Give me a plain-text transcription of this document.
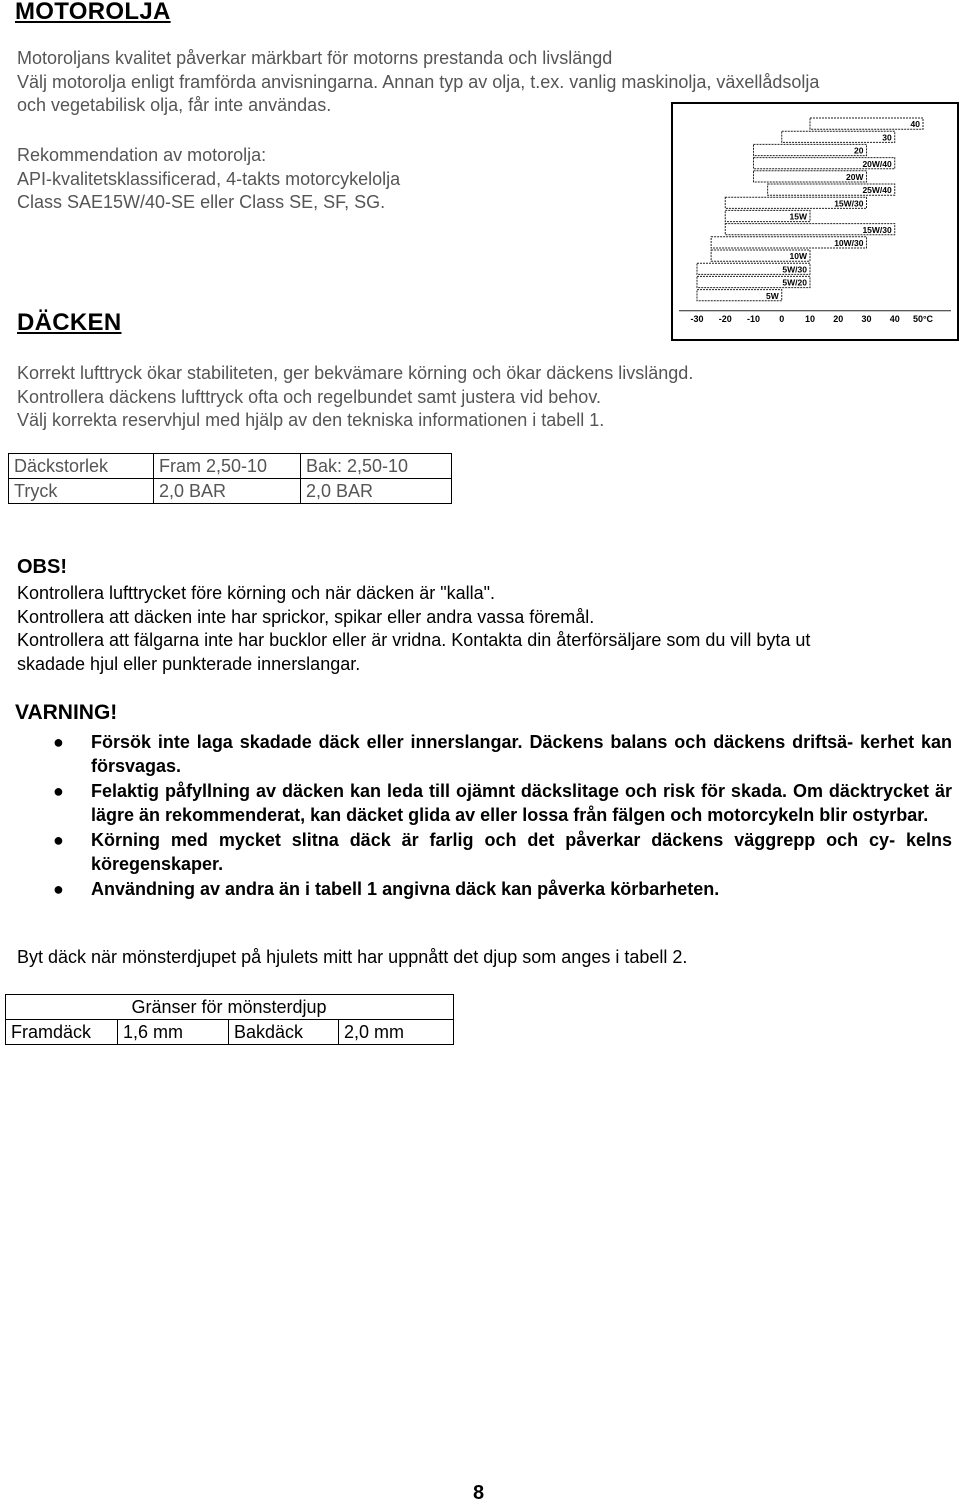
MOTOROLJA
Motoroljans kvalitet påverkar märkbart för motorns prestanda och livslängd
Välj motorolja enligt framförda anvisningarna. Annan typ av olja, t.ex. vanlig maskinolja, växellådsolja
och vegetabilisk olja, får inte användas.
Rekommendation av motorolja:
API-kvalitetsklassificerad, 4-takts motorcykelolja
Class SAE15W/40-SE eller Class SE, SF, SG.
40
30
20
20W/40
20W
25W/40
15W/30
15W
15W/30
10W/30
10W
5W/30
5W/20
5W
-30 -20 -10 0 10 20 30 40 50°C
DÄCKEN
Korrekt lufttryck ökar stabiliteten, ger bekvämare körning och ökar däckens livslängd.
Kontrollera däckens lufttryck ofta och regelbundet samt justera vid behov.
Välj korrekta reservhjul med hjälp av den tekniska informationen i tabell 1.
Däckstorlek	Fram 2,50-10	Bak: 2,50-10
Tryck	2,0 BAR	2,0 BAR
OBS!
Kontrollera lufttrycket före körning och när däcken är "kalla".
Kontrollera att däcken inte har sprickor, spikar eller andra vassa föremål.
Kontrollera att fälgarna inte har bucklor eller är vridna. Kontakta din återförsäljare som du vill byta ut
skadade hjul eller punkterade innerslangar.
VARNING!
● Försök inte laga skadade däck eller innerslangar. Däckens balans och däckens driftsä- kerhet kan försvagas.
● Felaktig påfyllning av däcken kan leda till ojämnt däckslitage och risk för skada. Om däcktrycket är lägre än rekommenderat, kan däcket glida av eller lossa från fälgen och motorcykeln blir ostyrbar.
● Körning med mycket slitna däck är farlig och det påverkar däckens väggrepp och cy- kelns köregenskaper.
● Användning av andra än i tabell 1 angivna däck kan påverka körbarheten.
Byt däck när mönsterdjupet på hjulets mitt har uppnått det djup som anges i tabell 2.
Gränser för mönsterdjup
Framdäck	1,6 mm	Bakdäck	2,0 mm
8
